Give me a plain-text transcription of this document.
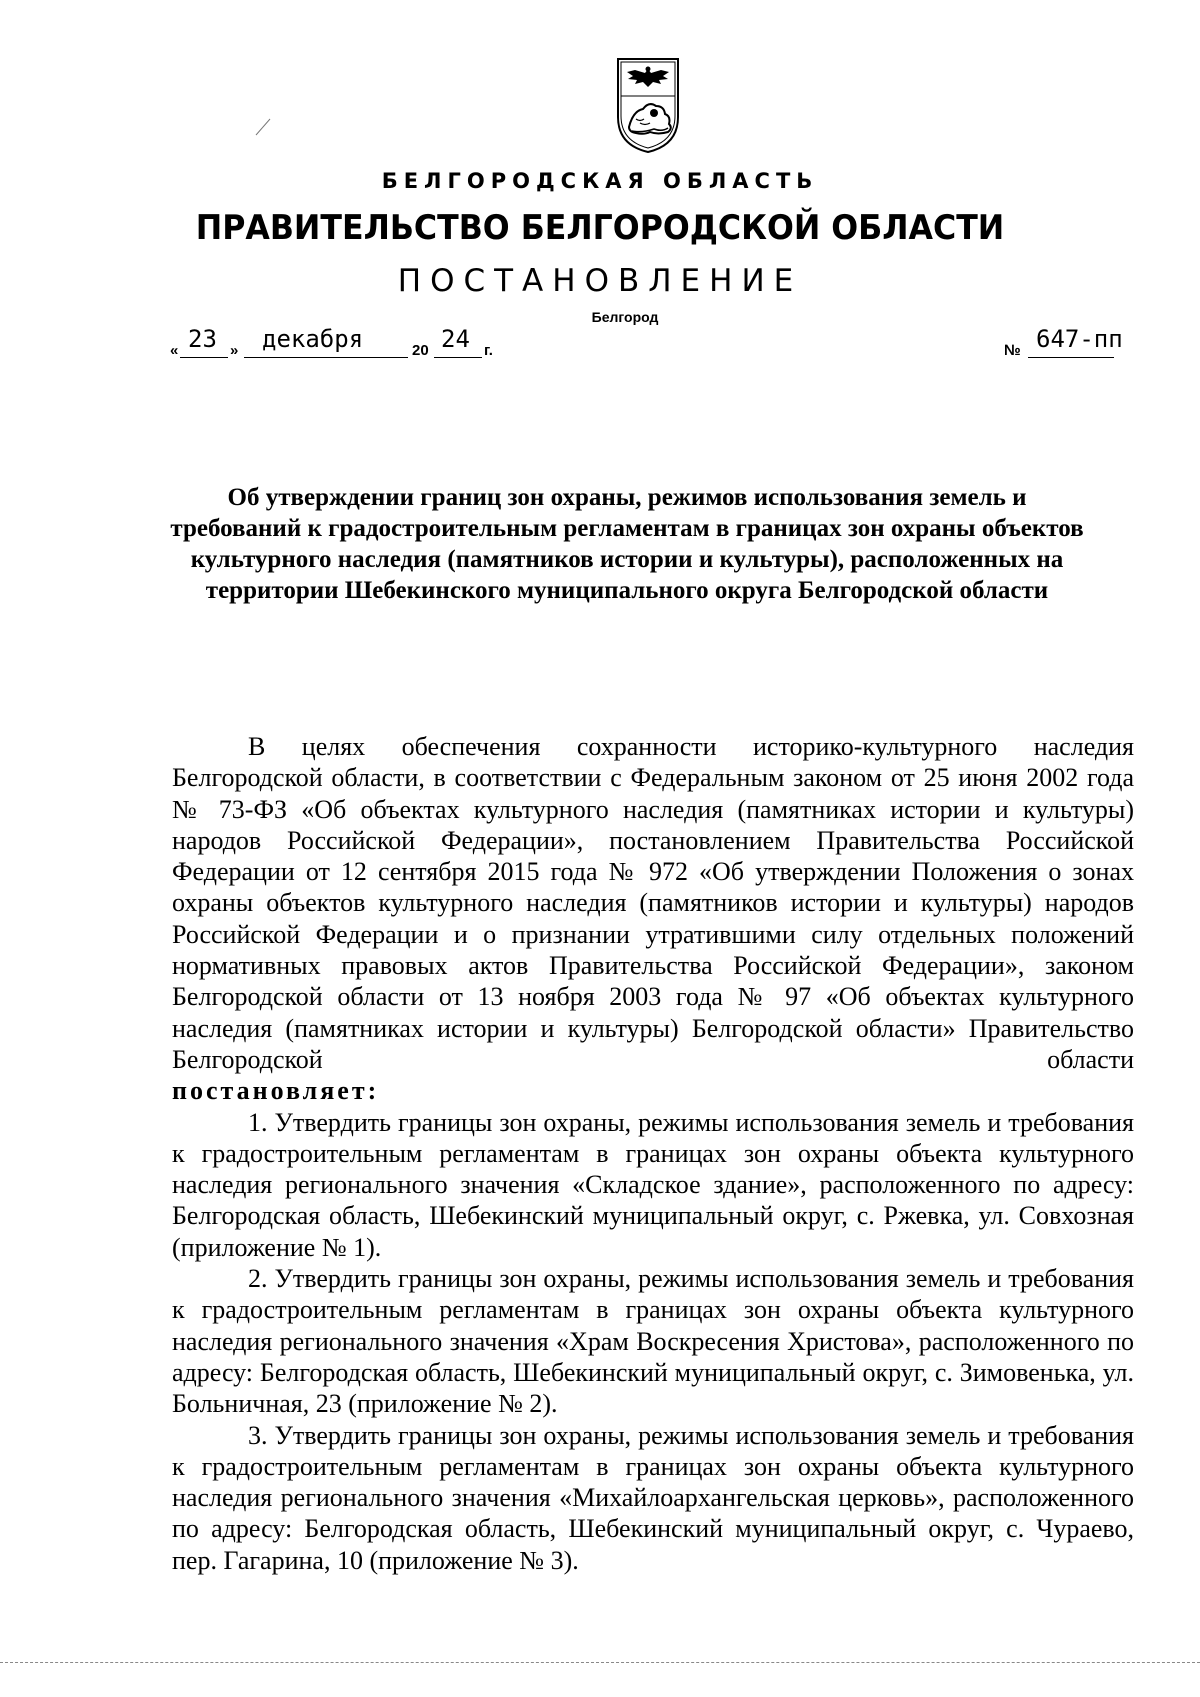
БЕЛГОРОДСКАЯ ОБЛАСТЬ
ПРАВИТЕЛЬСТВО БЕЛГОРОДСКОЙ ОБЛАСТИ
ПОСТАНОВЛЕНИЕ
Белгород
« 23 » декабря	20 24 г.	№ 647-пп
Об утверждении границ зон охраны, режимов использования земель и требований к градостроительным регламентам в границах зон охраны объектов культурного наследия (памятников истории и культуры), расположенных на территории Шебекинского муниципального округа Белгородской области

В целях обеспечения сохранности историко-культурного наследия Белгородской области, в соответствии с Федеральным законом от 25 июня 2002 года № 73-ФЗ «Об объектах культурного наследия (памятниках истории и культуры) народов Российской Федерации», постановлением Правительства Российской Федерации от 12 сентября 2015 года № 972 «Об утверждении Положения о зонах охраны объектов культурного наследия (памятников истории и культуры) народов Российской Федерации и о признании утратившими силу отдельных положений нормативных правовых актов Правительства Российской Федерации», законом Белгородской области от 13 ноября 2003 года № 97 «Об объектах культурного наследия (памятниках истории и культуры) Белгородской области» Правительство Белгородской области

постановляет:

1. Утвердить границы зон охраны, режимы использования земель и требования к градостроительным регламентам в границах зон охраны объекта культурного наследия регионального значения «Складское здание», расположенного по адресу: Белгородская область, Шебекинский муниципальный округ, с. Ржевка, ул. Совхозная (приложение № 1).

2. Утвердить границы зон охраны, режимы использования земель и требования к градостроительным регламентам в границах зон охраны объекта культурного наследия регионального значения «Храм Воскресения Христова», расположенного по адресу: Белгородская область, Шебекинский муниципальный округ, с. Зимовенька, ул. Больничная, 23 (приложение № 2).

3. Утвердить границы зон охраны, режимы использования земель и требования к градостроительным регламентам в границах зон охраны объекта культурного наследия регионального значения «Михайлоархангельская церковь», расположенного по адресу: Белгородская область, Шебекинский муниципальный округ, с. Чураево, пер. Гагарина, 10 (приложение № 3).
